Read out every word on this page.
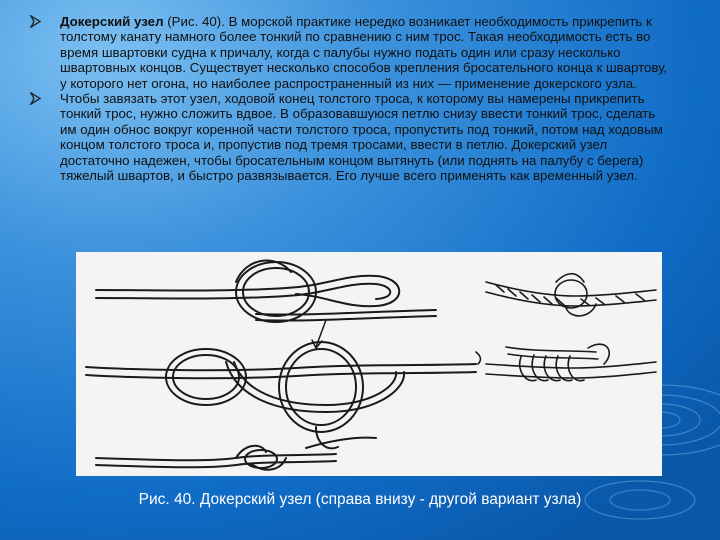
Докерский узел (Рис. 40). В морской практике нередко возникает необходимость прикрепить к толстому канату намного более тонкий по сравнению с ним трос. Такая необходимость есть во время швартовки судна к причалу, когда с палубы нужно подать один или сразу несколько швартовных концов. Существует несколько способов крепления бросательного конца к швартову, у которого нет огона, но наиболее распространенный из них — применение докерского узла.
Чтобы завязать этот узел, ходовой конец толстого троса, к которому вы намерены прикрепить тонкий трос, нужно сложить вдвое. В образовавшуюся петлю снизу ввести тонкий трос, сделать им один обнос вокруг коренной части толстого троса, пропустить под тонкий, потом над ходовым концом толстого троса и, пропустив под тремя тросами, ввести в петлю. Докерский узел достаточно надежен, чтобы бросательным концом вытянуть (или поднять на палубу с берега) тяжелый швартов, и быстро развязывается. Его лучше всего применять как временный узел.
Рис. 40. Докерский узел (справа внизу - другой вариант узла)
